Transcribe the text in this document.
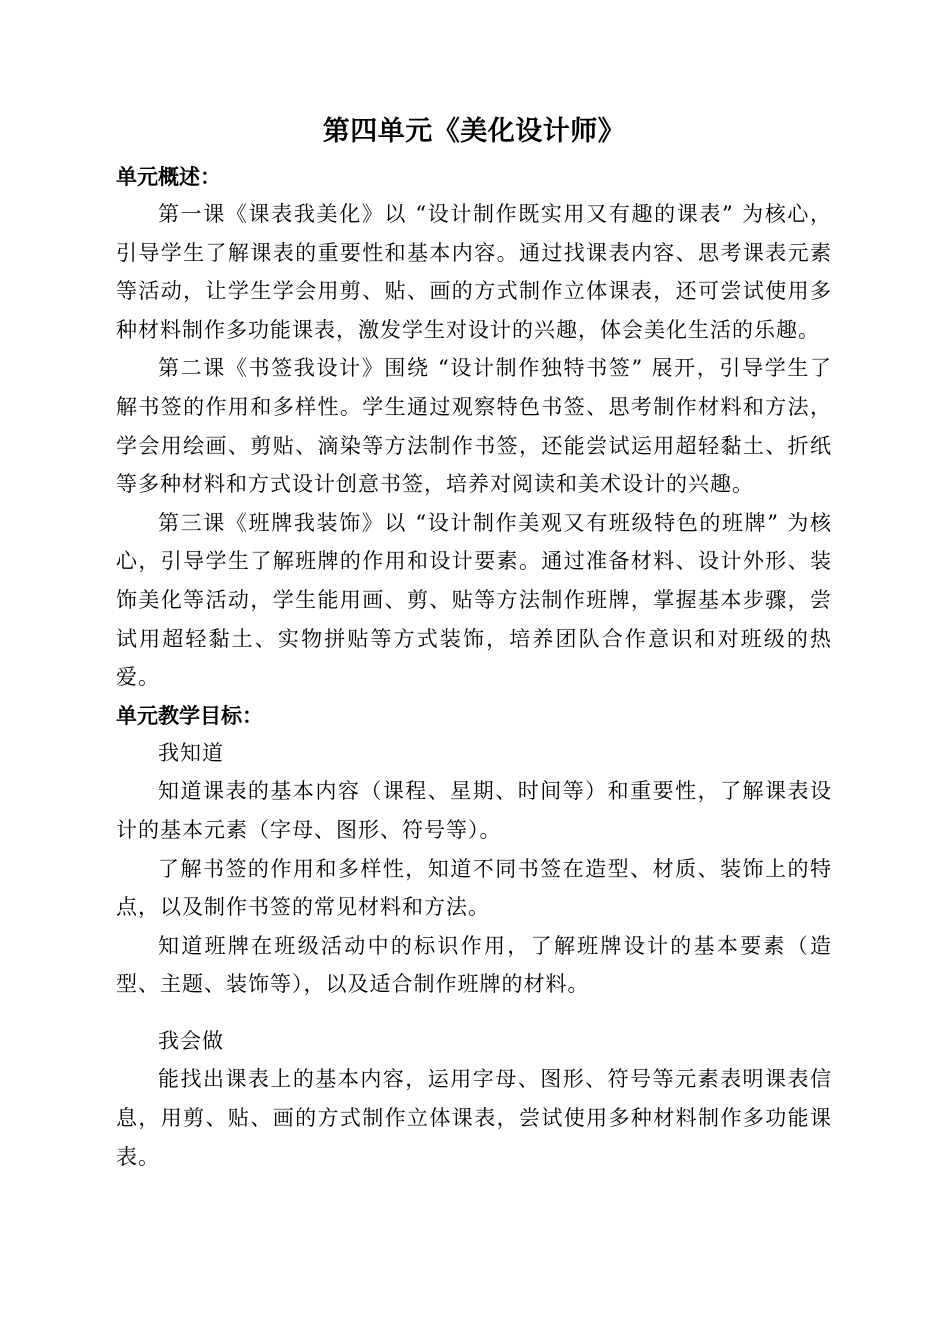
第四单元《美化设计师》

单元概述：

第一课《课表我美化》以 “设计制作既实用又有趣的课表” 为核心，引导学生了解课表的重要性和基本内容。通过找课表内容、思考课表元素等活动，让学生学会用剪、贴、画的方式制作立体课表，还可尝试使用多种材料制作多功能课表，激发学生对设计的兴趣，体会美化生活的乐趣。

第二课《书签我设计》围绕 “设计制作独特书签” 展开，引导学生了解书签的作用和多样性。学生通过观察特色书签、思考制作材料和方法，学会用绘画、剪贴、滴染等方法制作书签，还能尝试运用超轻黏土、折纸等多种材料和方式设计创意书签，培养对阅读和美术设计的兴趣。

第三课《班牌我装饰》以 “设计制作美观又有班级特色的班牌” 为核心，引导学生了解班牌的作用和设计要素。通过准备材料、设计外形、装饰美化等活动，学生能用画、剪、贴等方法制作班牌，掌握基本步骤，尝试用超轻黏土、实物拼贴等方式装饰，培养团队合作意识和对班级的热爱。

单元教学目标：

我知道

知道课表的基本内容（课程、星期、时间等）和重要性，了解课表设计的基本元素（字母、图形、符号等）。

了解书签的作用和多样性，知道不同书签在造型、材质、装饰上的特点，以及制作书签的常见材料和方法。

知道班牌在班级活动中的标识作用，了解班牌设计的基本要素（造型、主题、装饰等），以及适合制作班牌的材料。

我会做

能找出课表上的基本内容，运用字母、图形、符号等元素表明课表信息，用剪、贴、画的方式制作立体课表，尝试使用多种材料制作多功能课表。
